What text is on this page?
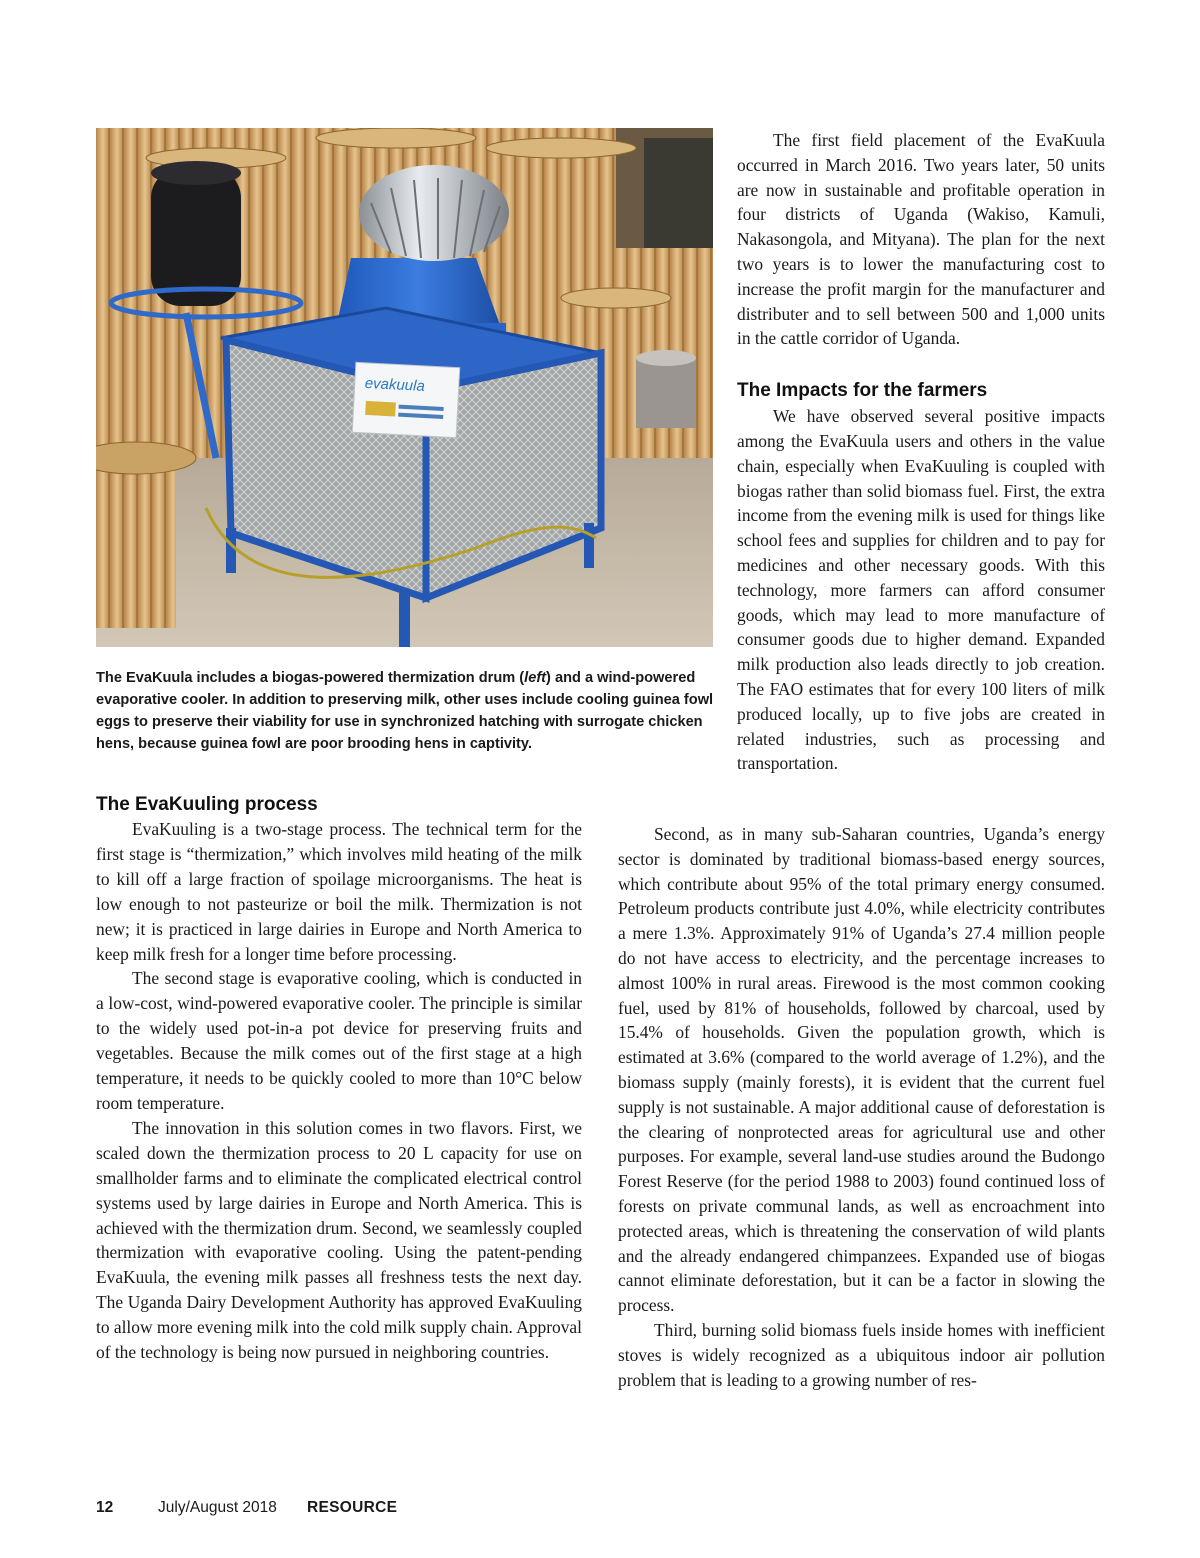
evakuula
The EvaKuula includes a biogas-powered thermization drum (left) and a wind-powered evaporative cooler. In addition to preserving milk, other uses include cooling guinea fowl eggs to preserve their viability for use in synchronized hatching with surrogate chicken hens, because guinea fowl are poor brooding hens in captivity.

The first field placement of the EvaKuula occurred in March 2016. Two years later, 50 units are now in sustainable and profitable operation in four districts of Uganda (Wakiso, Kamuli, Nakasongola, and Mityana). The plan for the next two years is to lower the manufacturing cost to increase the profit margin for the manufacturer and distributer and to sell between 500 and 1,000 units in the cattle corridor of Uganda.

The Impacts for the farmers

We have observed several positive impacts among the EvaKuula users and others in the value chain, especially when EvaKuuling is coupled with biogas rather than solid biomass fuel. First, the extra income from the evening milk is used for things like school fees and supplies for children and to pay for medicines and other necessary goods. With this technology, more farmers can afford consumer goods, which may lead to more manufacture of consumer goods due to higher demand. Expanded milk production also leads directly to job creation. The FAO estimates that for every 100 liters of milk produced locally, up to five jobs are created in related industries, such as processing and transportation.

The EvaKuuling process

EvaKuuling is a two-stage process. The technical term for the first stage is “thermization,” which involves mild heating of the milk to kill off a large fraction of spoilage microorganisms. The heat is low enough to not pasteurize or boil the milk. Thermization is not new; it is practiced in large dairies in Europe and North America to keep milk fresh for a longer time before processing.

The second stage is evaporative cooling, which is conducted in a low-cost, wind-powered evaporative cooler. The principle is similar to the widely used pot-in-a pot device for preserving fruits and vegetables. Because the milk comes out of the first stage at a high temperature, it needs to be quickly cooled to more than 10°C below room temperature.

The innovation in this solution comes in two flavors. First, we scaled down the thermization process to 20 L capacity for use on smallholder farms and to eliminate the complicated electrical control systems used by large dairies in Europe and North America. This is achieved with the thermization drum. Second, we seamlessly coupled thermization with evaporative cooling. Using the patent-pending EvaKuula, the evening milk passes all freshness tests the next day. The Uganda Dairy Development Authority has approved EvaKuuling to allow more evening milk into the cold milk supply chain. Approval of the technology is being now pursued in neighboring countries.

Second, as in many sub-Saharan countries, Uganda’s energy sector is dominated by traditional biomass-based energy sources, which contribute about 95% of the total primary energy consumed. Petroleum products contribute just 4.0%, while electricity contributes a mere 1.3%. Approximately 91% of Uganda’s 27.4 million people do not have access to electricity, and the percentage increases to almost 100% in rural areas. Firewood is the most common cooking fuel, used by 81% of households, followed by charcoal, used by 15.4% of households. Given the population growth, which is estimated at 3.6% (compared to the world average of 1.2%), and the biomass supply (mainly forests), it is evident that the current fuel supply is not sustainable. A major additional cause of deforestation is the clearing of nonprotected areas for agricultural use and other purposes. For example, several land-use studies around the Budongo Forest Reserve (for the period 1988 to 2003) found continued loss of forests on private communal lands, as well as encroachment into protected areas, which is threatening the conservation of wild plants and the already endangered chimpanzees. Expanded use of biogas cannot eliminate deforestation, but it can be a factor in slowing the process.

Third, burning solid biomass fuels inside homes with inefficient stoves is widely recognized as a ubiquitous indoor air pollution problem that is leading to a growing number of res-

12	July/August 2018 RESOURCE
